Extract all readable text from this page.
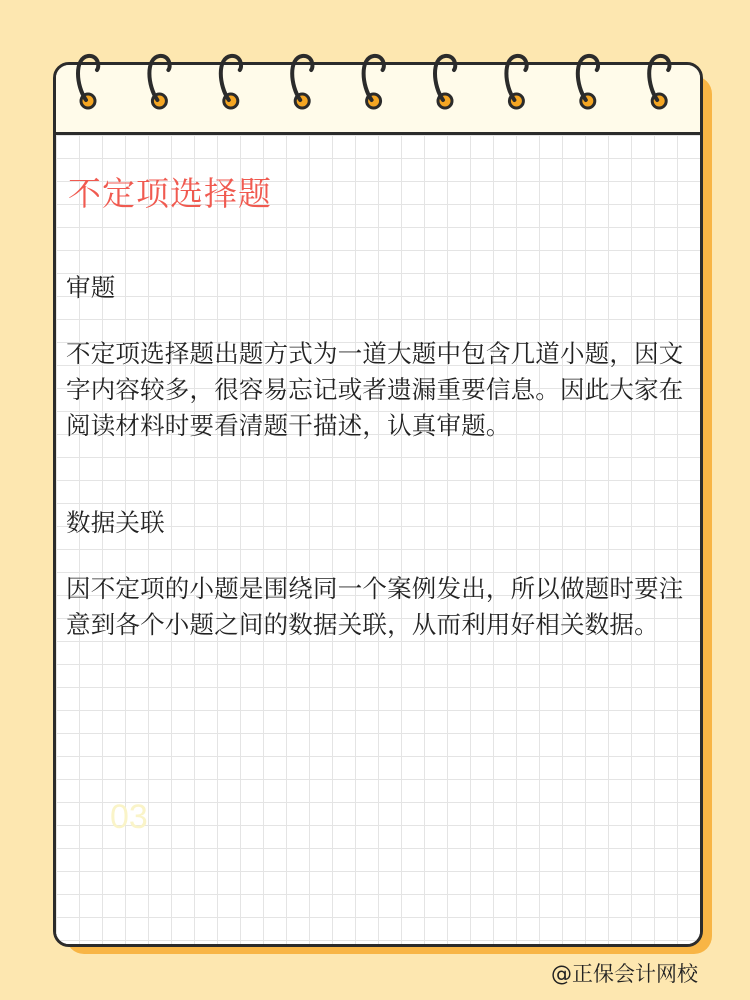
不定项选择题
审题
不定项选择题出题方式为一道大题中包含几道小题，因文字内容较多，很容易忘记或者遗漏重要信息。因此大家在阅读材料时要看清题干描述，认真审题。
数据关联
因不定项的小题是围绕同一个案例发出，所以做题时要注意到各个小题之间的数据关联，从而利用好相关数据。
03
@正保会计网校
